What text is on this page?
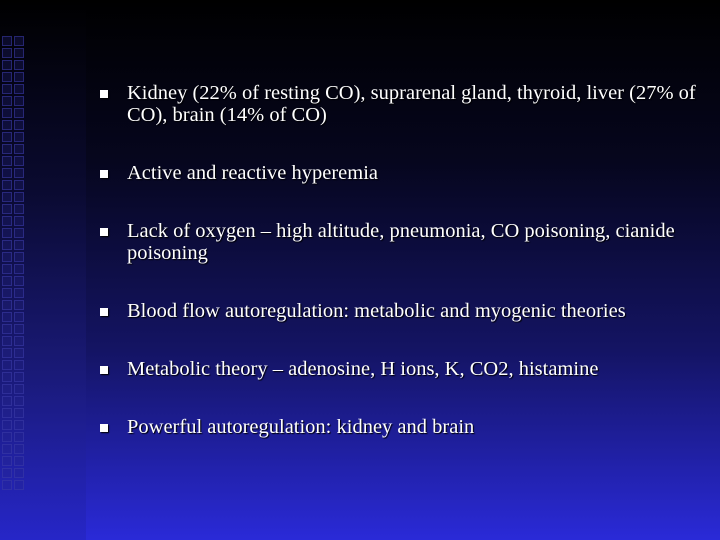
Kidney (22% of resting CO), suprarenal gland, thyroid, liver (27% of CO), brain (14% of CO)
Active and reactive hyperemia
Lack of oxygen – high altitude, pneumonia, CO poisoning, cianide poisoning
Blood flow autoregulation: metabolic and myogenic theories
Metabolic theory – adenosine, H ions, K, CO2, histamine
Powerful autoregulation: kidney and brain
